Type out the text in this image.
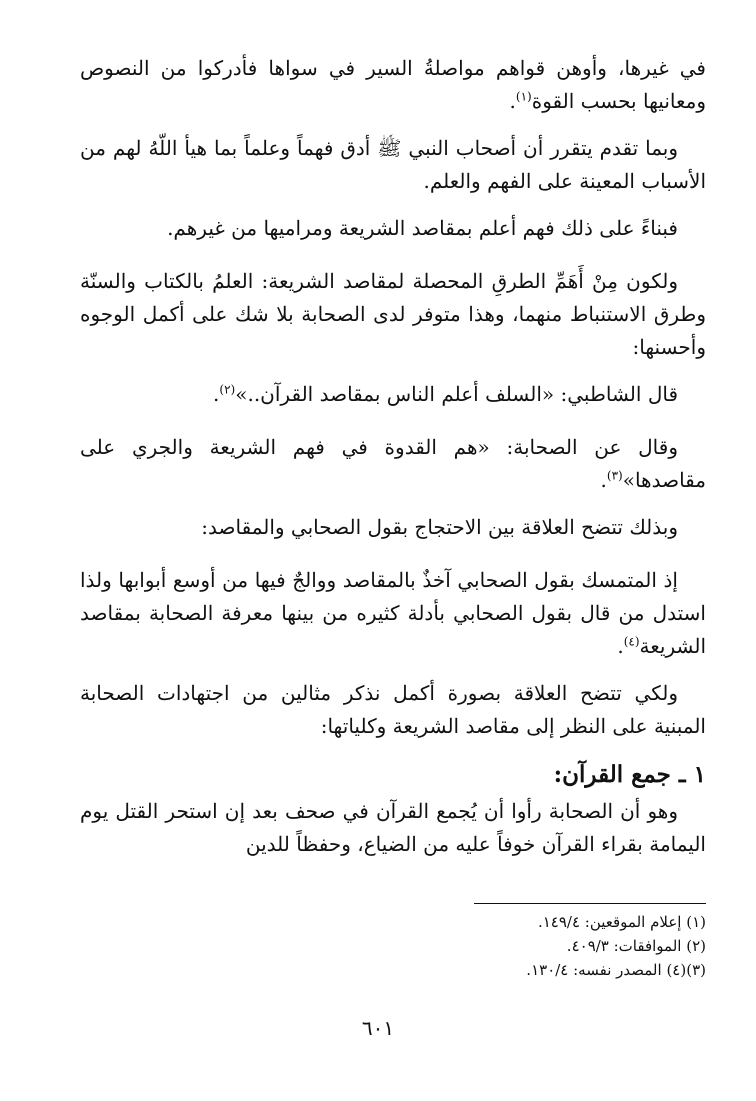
في غيرها، وأوهن قواهم مواصلةُ السير في سواها فأدركوا من النصوص ومعانيها بحسب القوة$^{(١)}$.

وبما تقدم يتقرر أن أصحاب النبي ﷺ أدق فهماً وعلماً بما هيأ اللّهُ لهم من الأسباب المعينة على الفهم والعلم.

فبناءً على ذلك فهم أعلم بمقاصد الشريعة ومراميها من غيرهم.

ولكون مِنْ أَهَمِّ الطرقِ المحصلة لمقاصد الشريعة: العلمُ بالكتاب والسنّة وطرق الاستنباط منهما، وهذا متوفر لدى الصحابة بلا شك على أكمل الوجوه وأحسنها:

قال الشاطبي: «السلف أعلم الناس بمقاصد القرآن..»$^{(٢)}$.

وقال عن الصحابة: «هم القدوة في فهم الشريعة والجري على مقاصدها»$^{(٣)}$.

وبذلك تتضح العلاقة بين الاحتجاج بقول الصحابي والمقاصد:

إذ المتمسك بقول الصحابي آخذٌ بالمقاصد ووالجٌ فيها من أوسع أبوابها ولذا استدل من قال بقول الصحابي بأدلة كثيره من بينها معرفة الصحابة بمقاصد الشريعة$^{(٤)}$.

ولكي تتضح العلاقة بصورة أكمل نذكر مثالين من اجتهادات الصحابة المبنية على النظر إلى مقاصد الشريعة وكلياتها:

١ ـ جمع القرآن:

وهو أن الصحابة رأوا أن يُجمع القرآن في صحف بعد إن استحر القتل يوم اليمامة بقراء القرآن خوفاً عليه من الضياع، وحفظاً للدين

(١) إعلام الموقعين: ١٤٩/٤.
(٢) الموافقات: ٤٠٩/٣.
(٣)(٤) المصدر نفسه: ١٣٠/٤.
٦٠١
